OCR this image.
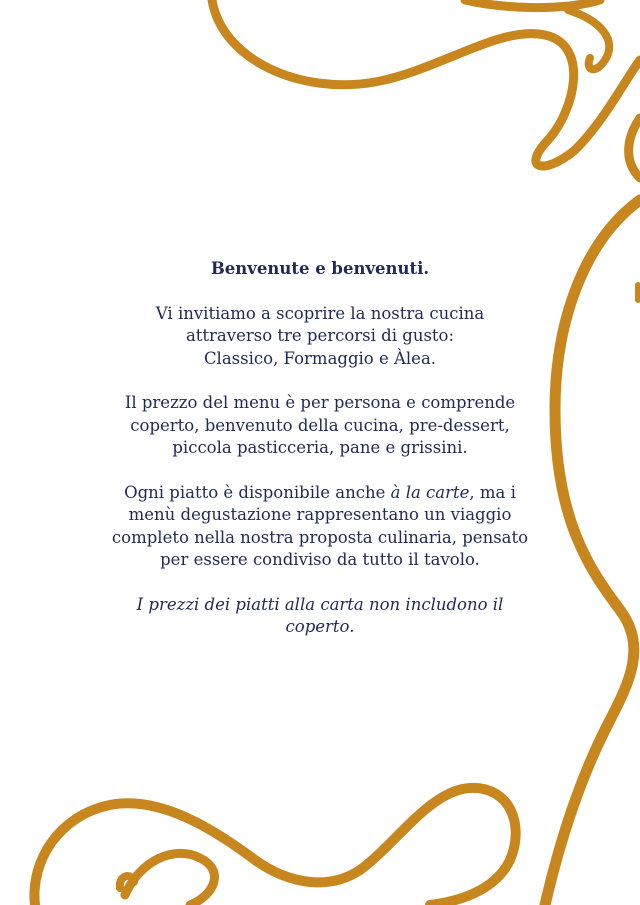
Benvenute e benvenuti.

Vi invitiamo a scoprire la nostra cucina
attraverso tre percorsi di gusto:
Classico, Formaggio e Àlea.

Il prezzo del menu è per persona e comprende
coperto, benvenuto della cucina, pre-dessert,
piccola pasticceria, pane e grissini.

Ogni piatto è disponibile anche à la carte, ma i
menù degustazione rappresentano un viaggio
completo nella nostra proposta culinaria, pensato
per essere condiviso da tutto il tavolo.

I prezzi dei piatti alla carta non includono il
coperto.
